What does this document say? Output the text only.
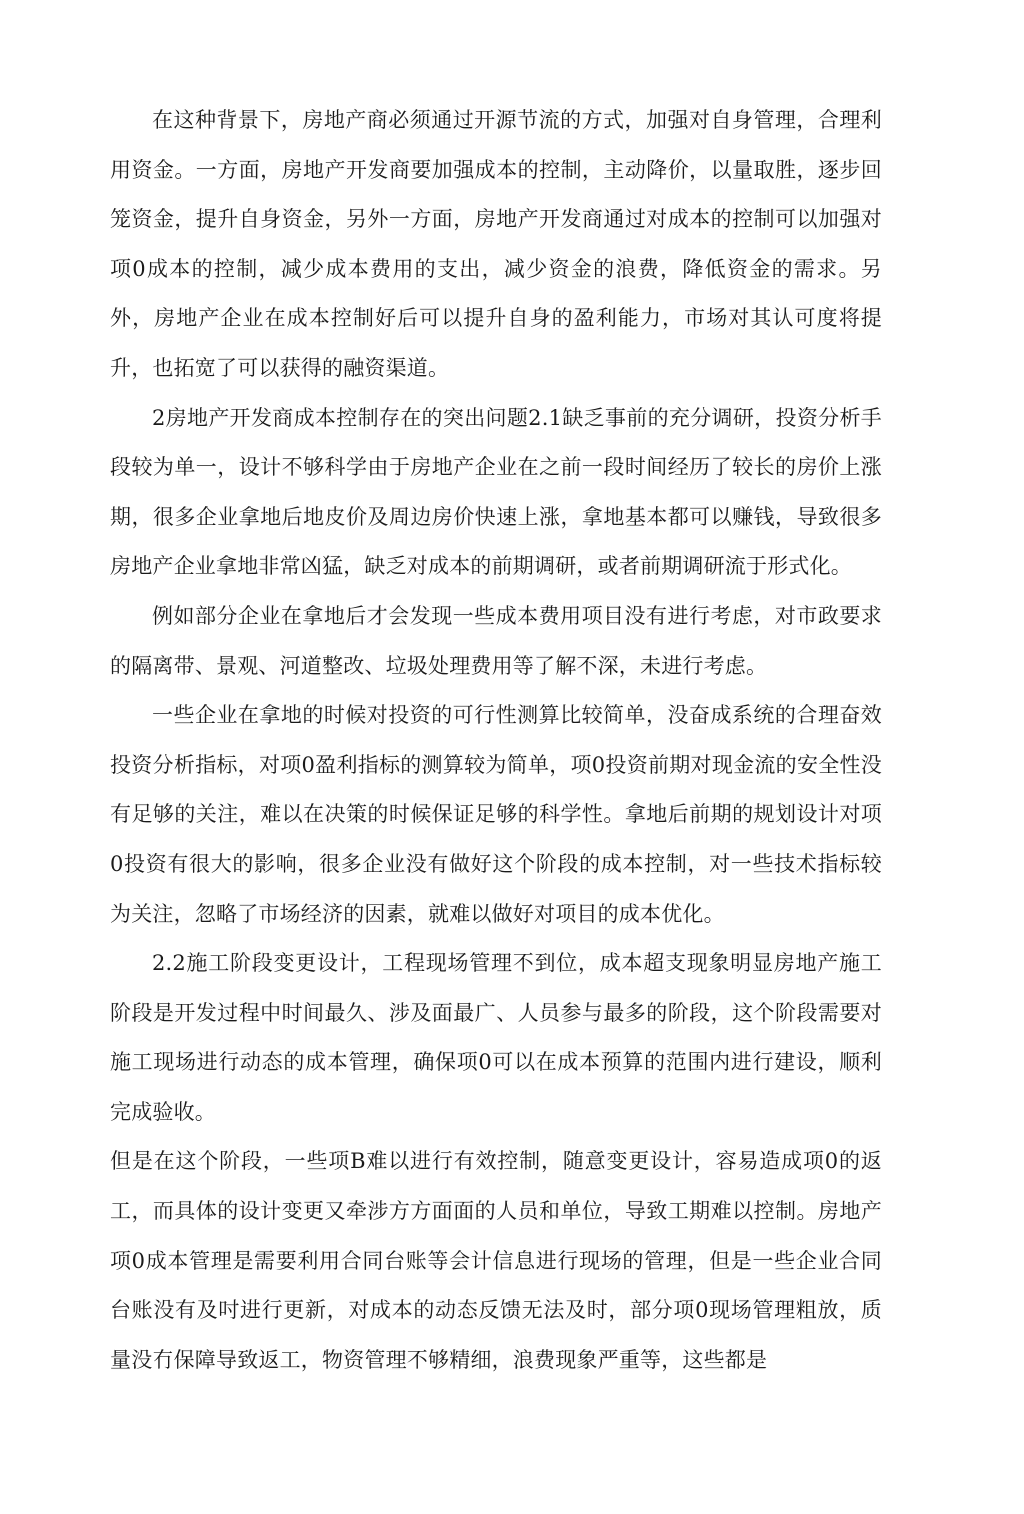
在这种背景下，房地产商必须通过开源节流的方式，加强对自身管理，合理利用资金。一方面，房地产开发商要加强成本的控制，主动降价，以量取胜，逐步回笼资金，提升自身资金，另外一方面，房地产开发商通过对成本的控制可以加强对项0成本的控制，减少成本费用的支出，减少资金的浪费，降低资金的需求。另外，房地产企业在成本控制好后可以提升自身的盈利能力，市场对其认可度将提升，也拓宽了可以获得的融资渠道。

2房地产开发商成本控制存在的突出问题2.1缺乏事前的充分调研，投资分析手段较为单一，设计不够科学由于房地产企业在之前一段时间经历了较长的房价上涨期，很多企业拿地后地皮价及周边房价快速上涨，拿地基本都可以赚钱，导致很多房地产企业拿地非常凶猛，缺乏对成本的前期调研，或者前期调研流于形式化。

例如部分企业在拿地后才会发现一些成本费用项目没有进行考虑，对市政要求的隔离带、景观、河道整改、垃圾处理费用等了解不深，未进行考虑。

一些企业在拿地的时候对投资的可行性测算比较简单，没奋成系统的合理奋效投资分析指标，对项0盈利指标的测算较为简单，项0投资前期对现金流的安全性没有足够的关注，难以在决策的时候保证足够的科学性。拿地后前期的规划设计对项0投资有很大的影响，很多企业没有做好这个阶段的成本控制，对一些技术指标较为关注，忽略了市场经济的因素，就难以做好对项目的成本优化。

2.2施工阶段变更设计，工程现场管理不到位，成本超支现象明显房地产施工阶段是开发过程中时间最久、涉及面最广、人员参与最多的阶段，这个阶段需要对施工现场进行动态的成本管理，确保项0可以在成本预算的范围内进行建设，顺利完成验收。

但是在这个阶段，一些项B难以进行有效控制，随意变更设计，容易造成项0的返工，而具体的设计变更又牵涉方方面面的人员和单位，导致工期难以控制。房地产项0成本管理是需要利用合同台账等会计信息进行现场的管理，但是一些企业合同台账没有及吋进行更新，对成本的动态反馈无法及时，部分项0现场管理粗放，质量没冇保障导致返工，物资管理不够精细，浪费现象严重等，这些都是
